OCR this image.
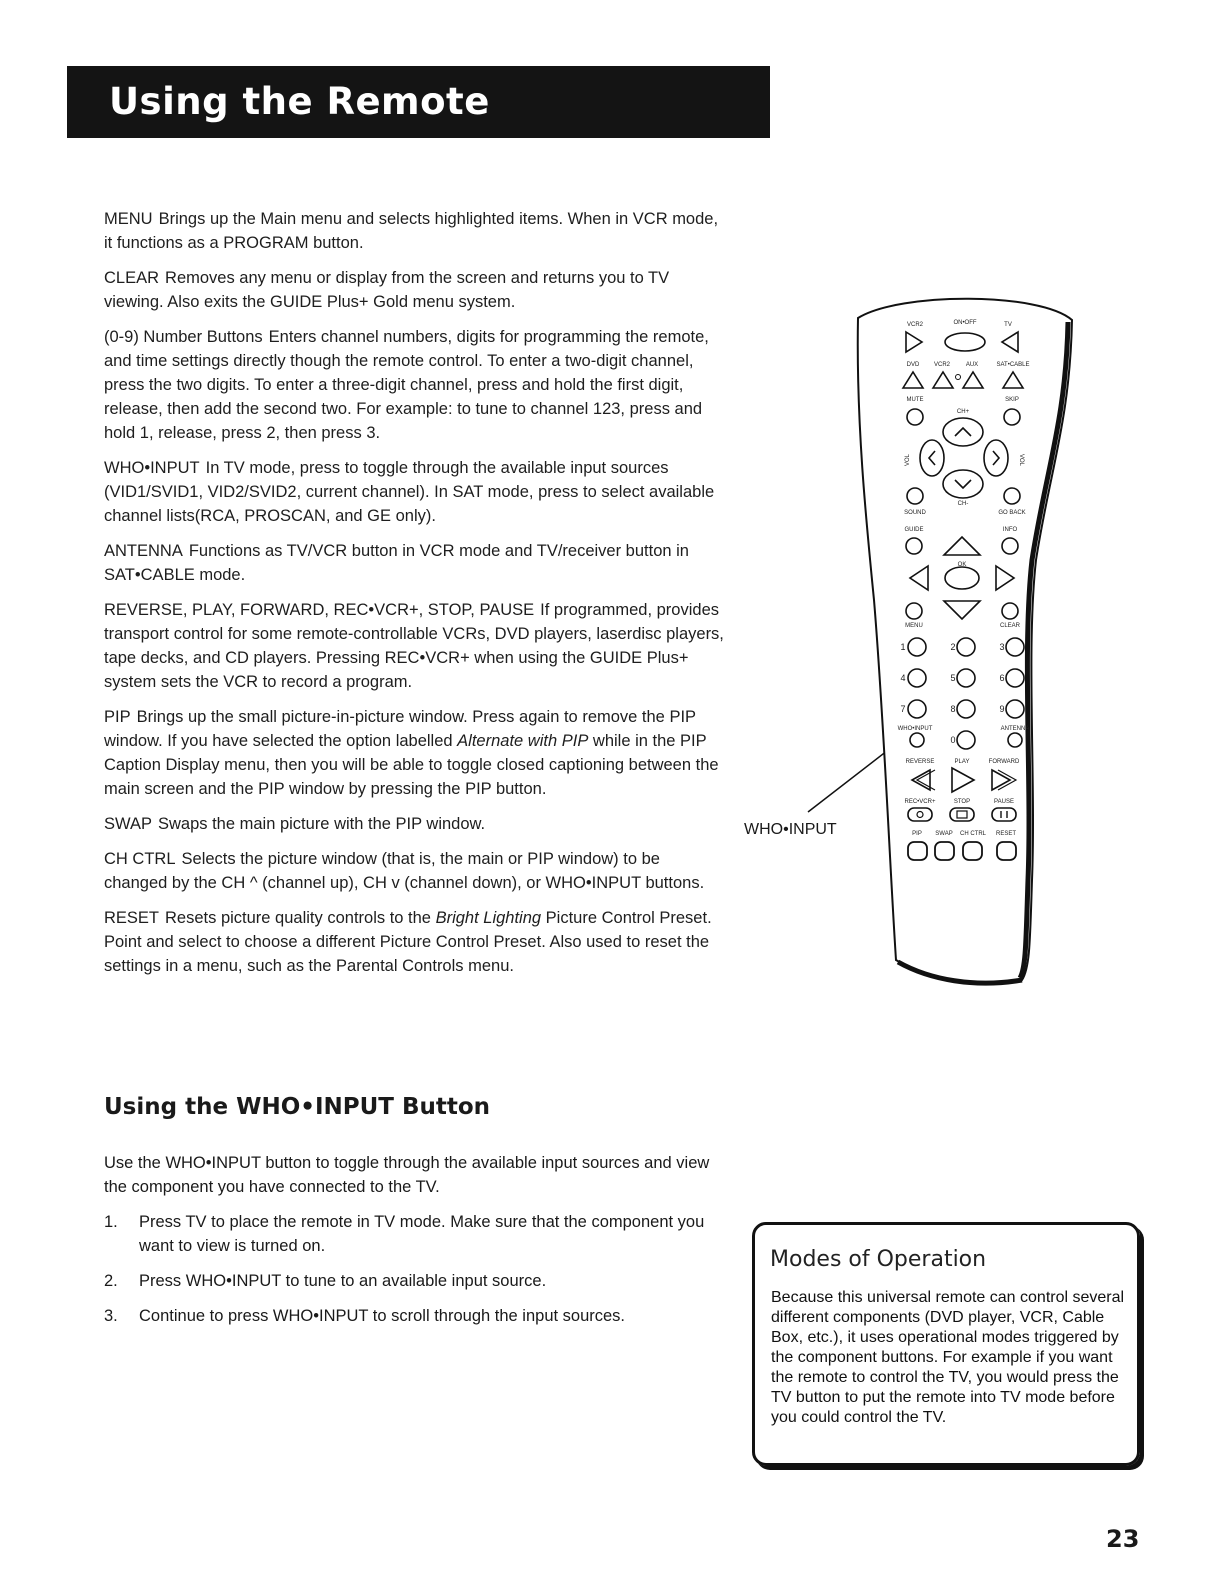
Using the Remote

MENU Brings up the Main menu and selects highlighted items. When in VCR mode, it functions as a PROGRAM button.

CLEAR Removes any menu or display from the screen and returns you to TV viewing. Also exits the GUIDE Plus+ Gold menu system.

(0-9) Number Buttons Enters channel numbers, digits for programming the remote, and time settings directly though the remote control. To enter a two-digit channel, press the two digits. To enter a three-digit channel, press and hold the first digit, release, then add the second two. For example: to tune to channel 123, press and hold 1, release, press 2, then press 3.

WHO•INPUT In TV mode, press to toggle through the available input sources (VID1/SVID1, VID2/SVID2, current channel). In SAT mode, press to select available channel lists(RCA, PROSCAN, and GE only).

ANTENNA Functions as TV/VCR button in VCR mode and TV/receiver button in SAT•CABLE mode.

REVERSE, PLAY, FORWARD, REC•VCR+, STOP, PAUSE If programmed, provides transport control for some remote-controllable VCRs, DVD players, laserdisc players, tape decks, and CD players. Pressing REC•VCR+ when using the GUIDE Plus+ system sets the VCR to record a program.

PIP Brings up the small picture-in-picture window. Press again to remove the PIP window. If you have selected the option labelled Alternate with PIP while in the PIP Caption Display menu, then you will be able to toggle closed captioning between the main screen and the PIP window by pressing the PIP button.

SWAP Swaps the main picture with the PIP window.

CH CTRL Selects the picture window (that is, the main or PIP window) to be changed by the CH ^ (channel up), CH v (channel down), or WHO•INPUT buttons.

RESET Resets picture quality controls to the Bright Lighting Picture Control Preset. Point and select to choose a different Picture Control Preset. Also used to reset the settings in a menu, such as the Parental Controls menu.

Using the WHO•INPUT Button

Use the WHO•INPUT button to toggle through the available input sources and view the component you have connected to the TV.

1. Press TV to place the remote in TV mode. Make sure that the component you want to view is turned on.
2. Press WHO•INPUT to tune to an available input source.
3. Continue to press WHO•INPUT to scroll through the input sources.
VCR2	ON•OFF	TV
DVD VCR2	AUX	SAT•CABLE
MUTE	SKIP
CH+
CH-
VOL	VOL
SOUND	GO BACK
GUIDE	INFO
OK
MENU	CLEAR
1	2	3
4	5	6
7	8	9
0
WHO•INPUT	ANTENNA
REVERSE	PLAY	FORWARD
REC•VCR+	STOP	PAUSE
PIP SWAP CH CTRL RESET
WHO•INPUT
Modes of Operation

Because this universal remote can control several different components (DVD player, VCR, Cable Box, etc.), it uses operational modes triggered by the component buttons. For example if you want the remote to control the TV, you would press the TV button to put the remote into TV mode before you could control the TV.

23
